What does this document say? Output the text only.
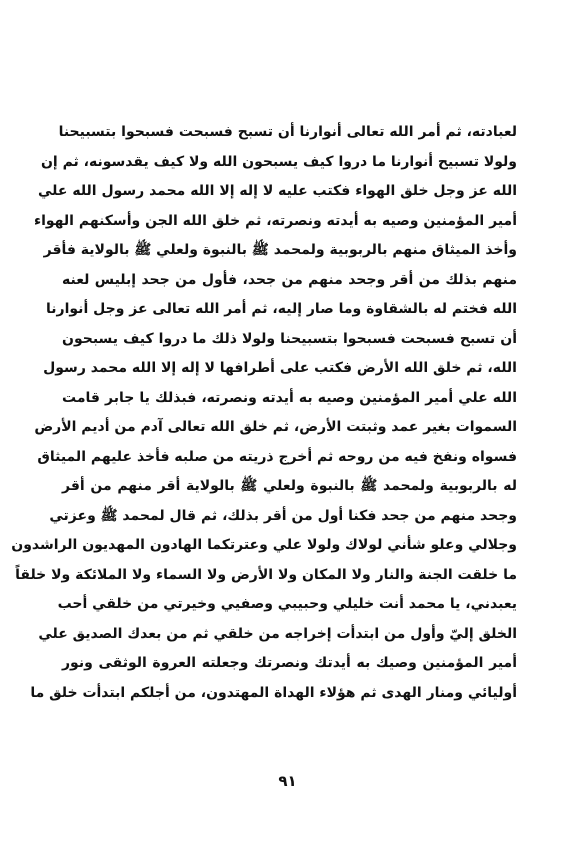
لعبادته، ثم أمر الله تعالى أنوارنا أن تسبح فسبحت فسبحوا بتسبيحنا
ولولا تسبيح أنوارنا ما دروا كيف يسبحون الله ولا كيف يقدسونه، ثم إن
الله عز وجل خلق الهواء فكتب عليه لا إله إلا الله محمد رسول الله علي
أمير المؤمنين وصيه به أيدته ونصرته، ثم خلق الله الجن وأسكنهم الهواء
وأخذ الميثاق منهم بالربوبية ولمحمد ﷺ بالنبوة ولعلي ﷺ بالولاية فأقر
منهم بذلك من أقر وجحد منهم من جحد، فأول من جحد إبليس لعنه
الله فختم له بالشقاوة وما صار إليه، ثم أمر الله تعالى عز وجل أنوارنا
أن تسبح فسبحت فسبحوا بتسبيحنا ولولا ذلك ما دروا كيف يسبحون
الله، ثم خلق الله الأرض فكتب على أطرافها لا إله إلا الله محمد رسول
الله علي أمير المؤمنين وصيه به أيدته ونصرته، فبذلك يا جابر قامت
السموات بغير عمد وثبتت الأرض، ثم خلق الله تعالى آدم من أديم الأرض
فسواه ونفخ فيه من روحه ثم أخرج ذريته من صلبه فأخذ عليهم الميثاق
له بالربوبية ولمحمد ﷺ بالنبوة ولعلي ﷺ بالولاية أقر منهم من أقر
وجحد منهم من جحد فكنا أول من أقر بذلك، ثم قال لمحمد ﷺ وعزتي
وجلالي وعلو شأني لولاك ولولا علي وعترتكما الهادون المهديون الراشدون
ما خلقت الجنة والنار ولا المكان ولا الأرض ولا السماء ولا الملائكة ولا خلقاً
يعبدني، يا محمد أنت خليلي وحبيبي وصفيي وخيرتي من خلقي أحب
الخلق إليّ وأول من ابتدأت إخراجه من خلقي ثم من بعدك الصديق علي
أمير المؤمنين وصيك به أيدتك ونصرتك وجعلته العروة الوثقى ونور
أوليائي ومنار الهدى ثم هؤلاء الهداة المهتدون، من أجلكم ابتدأت خلق ما
٩١
